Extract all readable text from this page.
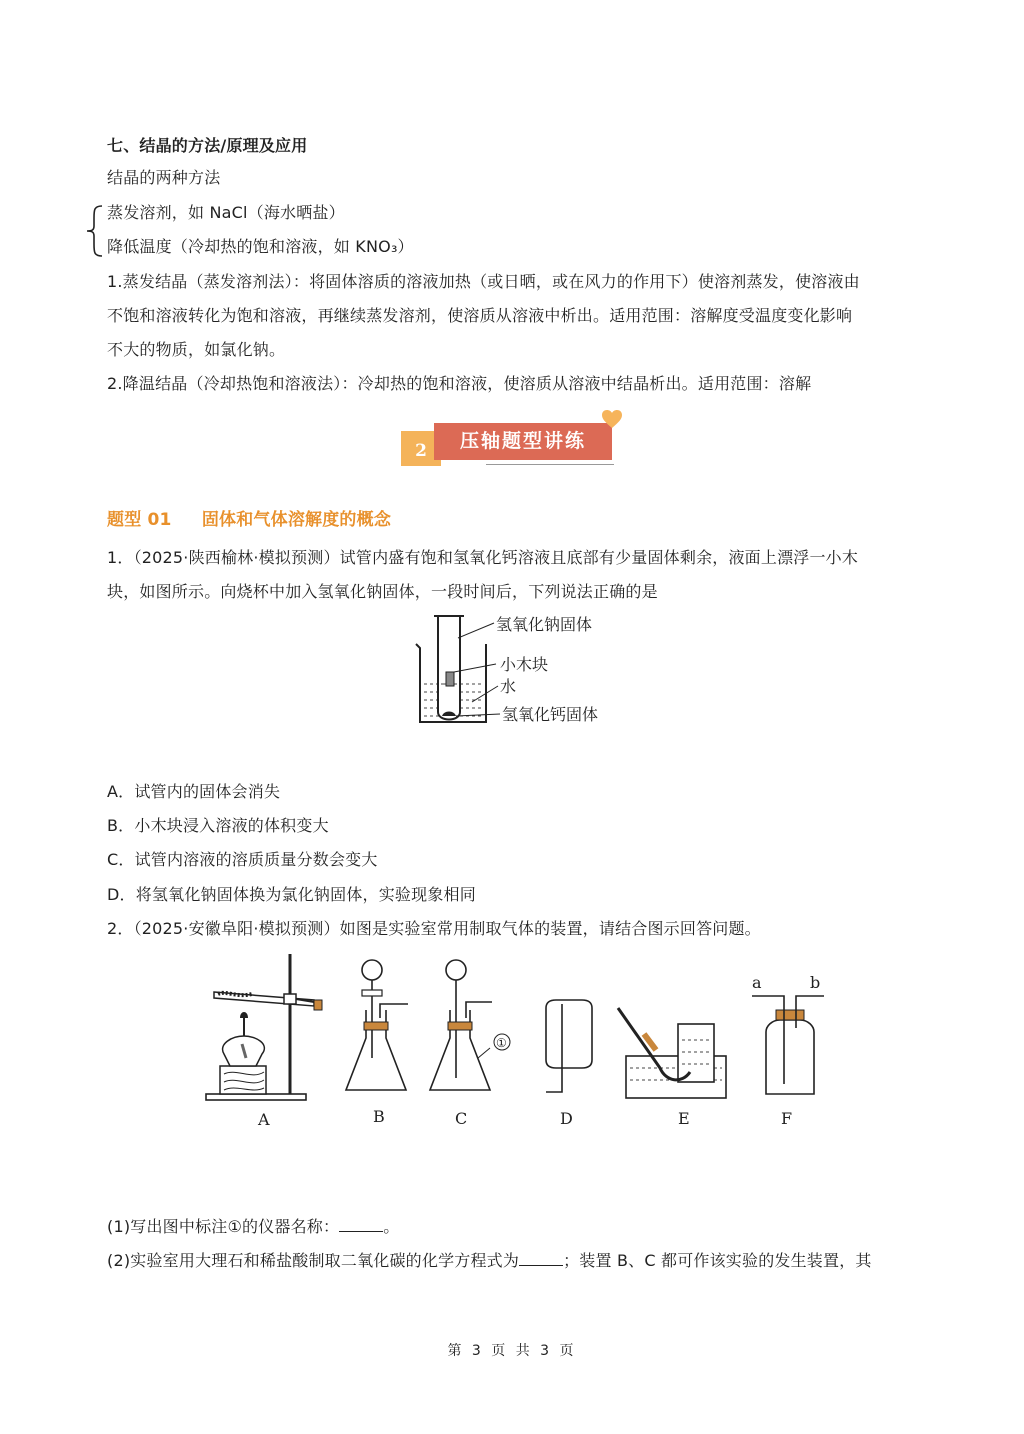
七、结晶的方法/原理及应用
结晶的两种方法
蒸发溶剂，如 NaCl（海水晒盐）
降低温度（冷却热的饱和溶液，如 KNO₃）
1.蒸发结晶（蒸发溶剂法）：将固体溶质的溶液加热（或日晒，或在风力的作用下）使溶剂蒸发，使溶液由
不饱和溶液转化为饱和溶液，再继续蒸发溶剂，使溶质从溶液中析出。适用范围：溶解度受温度变化影响
不大的物质，如氯化钠。
2.降温结晶（冷却热饱和溶液法）：冷却热的饱和溶液，使溶质从溶液中结晶析出。适用范围：溶解
2	压轴题型讲练
题型 01 固体和气体溶解度的概念
1．（2025·陕西榆林·模拟预测）试管内盛有饱和氢氧化钙溶液且底部有少量固体剩余，液面上漂浮一小木
块，如图所示。向烧杯中加入氢氧化钠固体，一段时间后，下列说法正确的是
氢氧化钠固体
小木块
水
氢氧化钙固体
A．试管内的固体会消失
B．小木块浸入溶液的体积变大
C．试管内溶液的溶质质量分数会变大
D．将氢氧化钠固体换为氯化钠固体，实验现象相同
2．（2025·安徽阜阳·模拟预测）如图是实验室常用制取气体的装置，请结合图示回答问题。
①
a	b
A	B	C	D	E	F
(1)写出图中标注①的仪器名称：	。
(2)实验室用大理石和稀盐酸制取二氧化碳的化学方程式为	；装置 B、C 都可作该实验的发生装置，其
第 3 页 共 3 页
